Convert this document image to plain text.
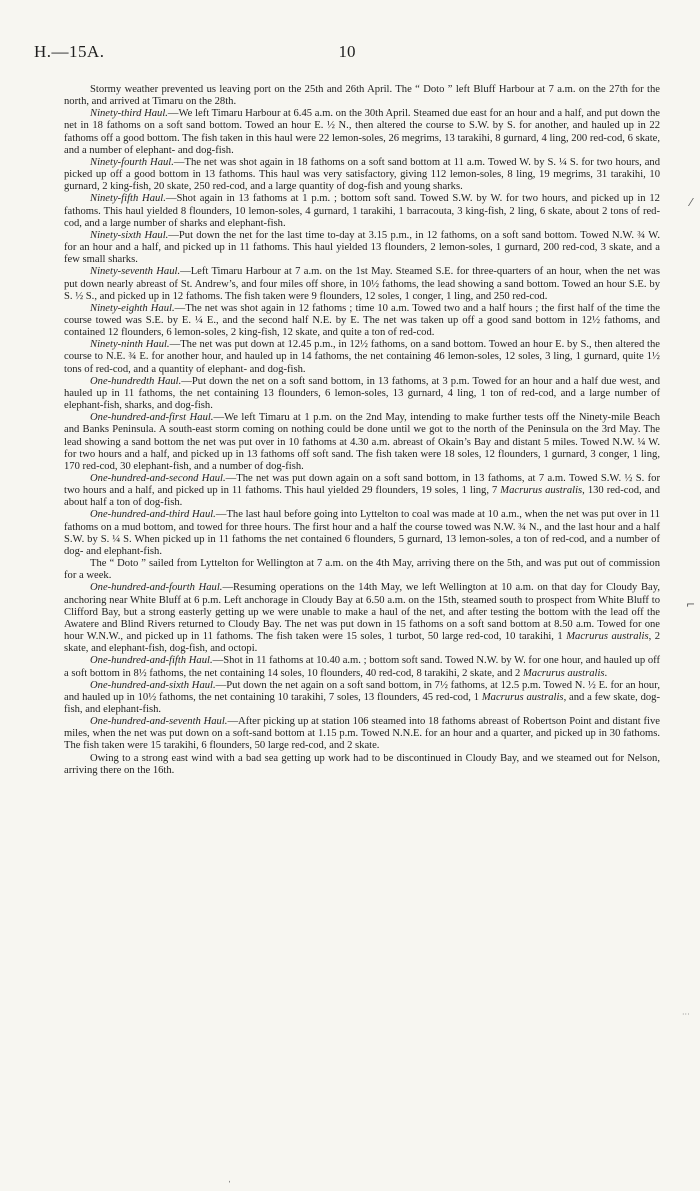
H.—15A.	10

Stormy weather prevented us leaving port on the 25th and 26th April. The “ Doto ” left Bluff Harbour at 7 a.m. on the 27th for the north, and arrived at Timaru on the 28th.

Ninety-third Haul.—We left Timaru Harbour at 6.45 a.m. on the 30th April. Steamed due east for an hour and a half, and put down the net in 18 fathoms on a soft sand bottom. Towed an hour E. ½ N., then altered the course to S.W. by S. for another, and hauled up in 22 fathoms off a good bottom. The fish taken in this haul were 22 lemon-soles, 26 megrims, 13 tarakihi, 8 gurnard, 4 ling, 200 red-cod, 6 skate, and a number of elephant- and dog-fish.

Ninety-fourth Haul.—The net was shot again in 18 fathoms on a soft sand bottom at 11 a.m. Towed W. by S. ¼ S. for two hours, and picked up off a good bottom in 13 fathoms. This haul was very satisfactory, giving 112 lemon-soles, 8 ling, 19 megrims, 31 tarakihi, 10 gurnard, 2 king-fish, 20 skate, 250 red-cod, and a large quantity of dog-fish and young sharks.

Ninety-fifth Haul.—Shot again in 13 fathoms at 1 p.m. ; bottom soft sand. Towed S.W. by W. for two hours, and picked up in 12 fathoms. This haul yielded 8 flounders, 10 lemon-soles, 4 gurnard, 1 tarakihi, 1 barracouta, 3 king-fish, 2 ling, 6 skate, about 2 tons of red-cod, and a large number of sharks and elephant-fish.

Ninety-sixth Haul.—Put down the net for the last time to-day at 3.15 p.m., in 12 fathoms, on a soft sand bottom. Towed N.W. ¾ W. for an hour and a half, and picked up in 11 fathoms. This haul yielded 13 flounders, 2 lemon-soles, 1 gurnard, 200 red-cod, 3 skate, and a few small sharks.

Ninety-seventh Haul.—Left Timaru Harbour at 7 a.m. on the 1st May. Steamed S.E. for three-quarters of an hour, when the net was put down nearly abreast of St. Andrew’s, and four miles off shore, in 10½ fathoms, the lead showing a sand bottom. Towed an hour S.E. by S. ½ S., and picked up in 12 fathoms. The fish taken were 9 flounders, 12 soles, 1 conger, 1 ling, and 250 red-cod.

Ninety-eighth Haul.—The net was shot again in 12 fathoms ; time 10 a.m. Towed two and a half hours ; the first half of the time the course towed was S.E. by E. ¼ E., and the second half N.E. by E. The net was taken up off a good sand bottom in 12½ fathoms, and contained 12 flounders, 6 lemon-soles, 2 king-fish, 12 skate, and quite a ton of red-cod.

Ninety-ninth Haul.—The net was put down at 12.45 p.m., in 12½ fathoms, on a sand bottom. Towed an hour E. by S., then altered the course to N.E. ¾ E. for another hour, and hauled up in 14 fathoms, the net containing 46 lemon-soles, 12 soles, 3 ling, 1 gurnard, quite 1½ tons of red-cod, and a quantity of elephant- and dog-fish.

One-hundredth Haul.—Put down the net on a soft sand bottom, in 13 fathoms, at 3 p.m. Towed for an hour and a half due west, and hauled up in 11 fathoms, the net containing 13 flounders, 6 lemon-soles, 13 gurnard, 4 ling, 1 ton of red-cod, and a large number of elephant-fish, sharks, and dog-fish.

One-hundred-and-first Haul.—We left Timaru at 1 p.m. on the 2nd May, intending to make further tests off the Ninety-mile Beach and Banks Peninsula. A south-east storm coming on nothing could be done until we got to the north of the Peninsula on the 3rd May. The lead showing a sand bottom the net was put over in 10 fathoms at 4.30 a.m. abreast of Okain’s Bay and distant 5 miles. Towed N.W. ¼ W. for two hours and a half, and picked up in 13 fathoms off soft sand. The fish taken were 18 soles, 12 flounders, 1 gurnard, 3 conger, 1 ling, 170 red-cod, 30 elephant-fish, and a number of dog-fish.

One-hundred-and-second Haul.—The net was put down again on a soft sand bottom, in 13 fathoms, at 7 a.m. Towed S.W. ½ S. for two hours and a half, and picked up in 11 fathoms. This haul yielded 29 flounders, 19 soles, 1 ling, 7 Macrurus australis, 130 red-cod, and about half a ton of dog-fish.

One-hundred-and-third Haul.—The last haul before going into Lyttelton to coal was made at 10 a.m., when the net was put over in 11 fathoms on a mud bottom, and towed for three hours. The first hour and a half the course towed was N.W. ¾ N., and the last hour and a half S.W. by S. ¼ S. When picked up in 11 fathoms the net contained 6 flounders, 5 gurnard, 13 lemon-soles, a ton of red-cod, and a number of dog- and elephant-fish.

The “ Doto ” sailed from Lyttelton for Wellington at 7 a.m. on the 4th May, arriving there on the 5th, and was put out of commission for a week.

One-hundred-and-fourth Haul.—Resuming operations on the 14th May, we left Wellington at 10 a.m. on that day for Cloudy Bay, anchoring near White Bluff at 6 p.m. Left anchorage in Cloudy Bay at 6.50 a.m. on the 15th, steamed south to prospect from White Bluff to Clifford Bay, but a strong easterly getting up we were unable to make a haul of the net, and after testing the bottom with the lead off the Awatere and Blind Rivers returned to Cloudy Bay. The net was put down in 15 fathoms on a soft sand bottom at 8.50 a.m. Towed for one hour W.N.W., and picked up in 11 fathoms. The fish taken were 15 soles, 1 turbot, 50 large red-cod, 10 tarakihi, 1 Macrurus australis, 2 skate, and elephant-fish, dog-fish, and octopi.

One-hundred-and-fifth Haul.—Shot in 11 fathoms at 10.40 a.m. ; bottom soft sand. Towed N.W. by W. for one hour, and hauled up off a soft bottom in 8½ fathoms, the net containing 14 soles, 10 flounders, 40 red-cod, 8 tarakihi, 2 skate, and 2 Macrurus australis.

One-hundred-and-sixth Haul.—Put down the net again on a soft sand bottom, in 7½ fathoms, at 12.5 p.m. Towed N. ½ E. for an hour, and hauled up in 10½ fathoms, the net containing 10 tarakihi, 7 soles, 13 flounders, 45 red-cod, 1 Macrurus australis, and a few skate, dog-fish, and elephant-fish.

One-hundred-and-seventh Haul.—After picking up at station 106 steamed into 18 fathoms abreast of Robertson Point and distant five miles, when the net was put down on a soft-sand bottom at 1.15 p.m. Towed N.N.E. for an hour and a quarter, and picked up in 30 fathoms. The fish taken were 15 tarakihi, 6 flounders, 50 large red-cod, and 2 skate.

Owing to a strong east wind with a bad sea getting up work had to be discontinued in Cloudy Bay, and we steamed out for Nelson, arriving there on the 16th.

⁄
⌐
···
ˌ
